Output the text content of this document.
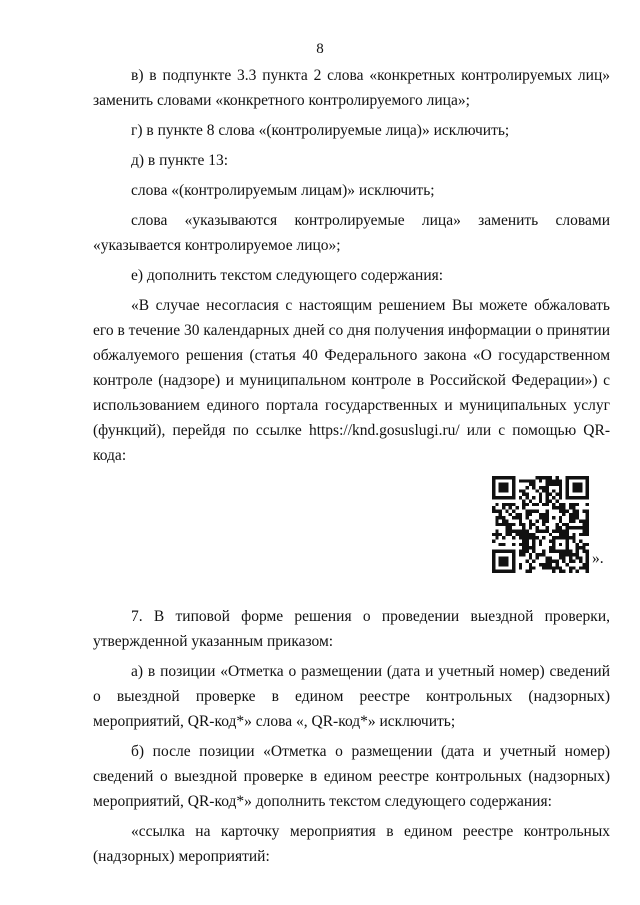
8

в) в подпункте 3.3 пункта 2 слова «конкретных контролируемых лиц» заменить словами «конкретного контролируемого лица»;

г) в пункте 8 слова «(контролируемые лица)» исключить;

д) в пункте 13:

слова «(контролируемым лицам)» исключить;

слова «указываются контролируемые лица» заменить словами «указывается контролируемое лицо»;

е) дополнить текстом следующего содержания:

«В случае несогласия с настоящим решением Вы можете обжаловать его в течение 30 календарных дней со дня получения информации о принятии обжалуемого решения (статья 40 Федерального закона «О государственном контроле (надзоре) и муниципальном контроле в Российской Федерации») с использованием единого портала государственных и муниципальных услуг (функций), перейдя по ссылке https://knd.gosuslugi.ru/ или с помощью QR-кода:

».

7. В типовой форме решения о проведении выездной проверки, утвержденной указанным приказом:

а) в позиции «Отметка о размещении (дата и учетный номер) сведений о выездной проверке в едином реестре контрольных (надзорных) мероприятий, QR-код*» слова «, QR-код*» исключить;

б) после позиции «Отметка о размещении (дата и учетный номер) сведений о выездной проверке в едином реестре контрольных (надзорных) мероприятий, QR-код*» дополнить текстом следующего содержания:

«ссылка на карточку мероприятия в едином реестре контрольных (надзорных) мероприятий:
